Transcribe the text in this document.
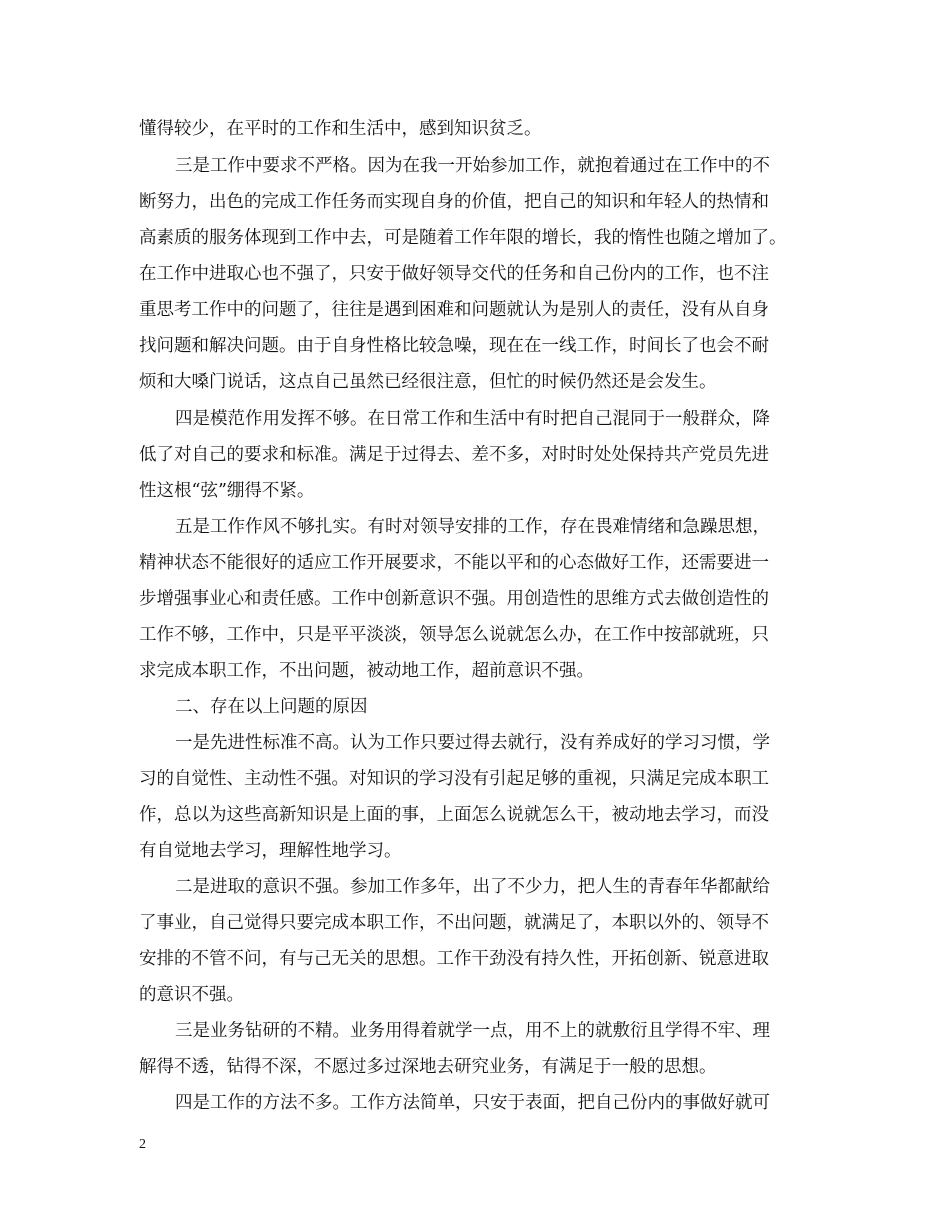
懂得较少，在平时的工作和生活中，感到知识贫乏。
三是工作中要求不严格。因为在我一开始参加工作，就抱着通过在工作中的不
断努力，出色的完成工作任务而实现自身的价值，把自己的知识和年轻人的热情和
高素质的服务体现到工作中去，可是随着工作年限的增长，我的惰性也随之增加了。
在工作中进取心也不强了，只安于做好领导交代的任务和自己份内的工作，也不注
重思考工作中的问题了，往往是遇到困难和问题就认为是别人的责任，没有从自身
找问题和解决问题。由于自身性格比较急噪，现在在一线工作，时间长了也会不耐
烦和大嗓门说话，这点自己虽然已经很注意，但忙的时候仍然还是会发生。
四是模范作用发挥不够。在日常工作和生活中有时把自己混同于一般群众，降
低了对自己的要求和标准。满足于过得去、差不多，对时时处处保持共产党员先进
性这根“弦”绷得不紧。
五是工作作风不够扎实。有时对领导安排的工作，存在畏难情绪和急躁思想，
精神状态不能很好的适应工作开展要求，不能以平和的心态做好工作，还需要进一
步增强事业心和责任感。工作中创新意识不强。用创造性的思维方式去做创造性的
工作不够，工作中，只是平平淡淡，领导怎么说就怎么办，在工作中按部就班，只
求完成本职工作，不出问题，被动地工作，超前意识不强。
二、存在以上问题的原因
一是先进性标准不高。认为工作只要过得去就行，没有养成好的学习习惯，学
习的自觉性、主动性不强。对知识的学习没有引起足够的重视，只满足完成本职工
作，总以为这些高新知识是上面的事，上面怎么说就怎么干，被动地去学习，而没
有自觉地去学习，理解性地学习。
二是进取的意识不强。参加工作多年，出了不少力，把人生的青春年华都献给
了事业，自己觉得只要完成本职工作，不出问题，就满足了，本职以外的、领导不
安排的不管不问，有与己无关的思想。工作干劲没有持久性，开拓创新、锐意进取
的意识不强。
三是业务钻研的不精。业务用得着就学一点，用不上的就敷衍且学得不牢、理
解得不透，钻得不深，不愿过多过深地去研究业务，有满足于一般的思想。
四是工作的方法不多。工作方法简单，只安于表面，把自己份内的事做好就可
2
